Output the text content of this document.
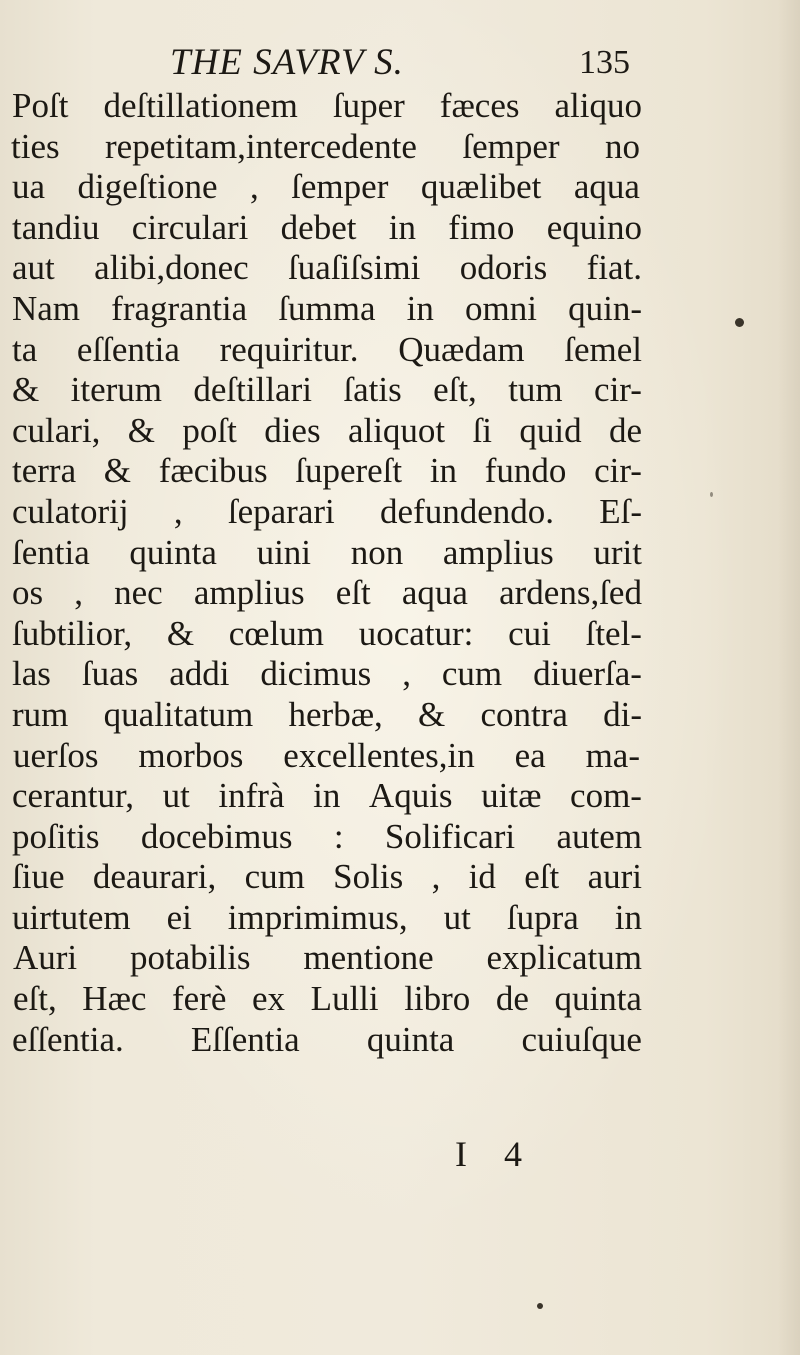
THE SAVRV S.	135
Poſt deſtillationem ſuper fæces aliquo
ties repetitam,intercedente ſemper no
ua digeſtione , ſemper quælibet aqua
tandiu circulari debet in fimo equino
aut alibi,donec ſuaſiſsimi odoris fiat.
Nam fragrantia ſumma in omni quin-
ta eſſentia requiritur. Quædam ſemel
& iterum deſtillari ſatis eſt, tum cir-
culari, & poſt dies aliquot ſi quid de
terra & fæcibus ſupereſt in fundo cir-
culatorij , ſeparari defundendo. Eſ-
ſentia quinta uini non amplius urit
os , nec amplius eſt aqua ardens,ſed
ſubtilior, & cœlum uocatur: cui ſtel-
las ſuas addi dicimus , cum diuerſa-
rum qualitatum herbæ, & contra di-
uerſos morbos excellentes,in ea ma-
cerantur, ut infrà in Aquis uitæ com-
poſitis docebimus : Solificari autem
ſiue deaurari, cum Solis , id eſt auri
uirtutem ei imprimimus, ut ſupra in
Auri potabilis mentione explicatum
eſt, Hæc ferè ex Lulli libro de quinta
eſſentia. Eſſentia quinta cuiuſque
I 4
